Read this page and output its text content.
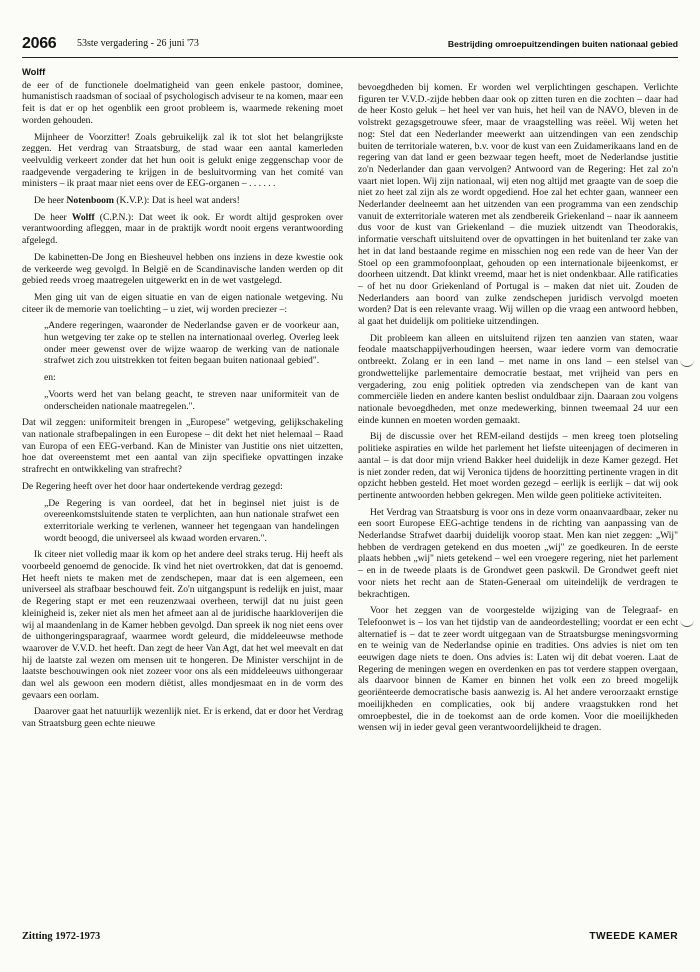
2066 53ste vergadering - 26 juni '73	Bestrijding omroepuitzendingen buiten nationaal gebied
Wolff

de eer of de functionele doelmatigheid van geen enkele pastoor, dominee, humanistisch raadsman of sociaal of psychologisch adviseur te na komen, maar een feit is dat er op het ogenblik een groot probleem is, waarmede rekening moet worden gehouden.

Mijnheer de Voorzitter! Zoals gebruikelijk zal ik tot slot het belangrijkste zeggen. Het verdrag van Straatsburg, de stad waar een aantal kamerleden veelvuldig verkeert zonder dat het hun ooit is gelukt enige zeggenschap voor de raadgevende vergadering te krijgen in de besluitvorming van het comité van ministers – ik praat maar niet eens over de EEG-organen – . . . . . .

De heer Notenboom (K.V.P.): Dat is heel wat anders!

De heer Wolff (C.P.N.): Dat weet ik ook. Er wordt altijd gesproken over verantwoording afleggen, maar in de praktijk wordt nooit ergens verantwoording afgelegd.

De kabinetten-De Jong en Biesheuvel hebben ons inziens in deze kwestie ook de verkeerde weg gevolgd. In België en de Scandinavische landen werden op dit gebied reeds vroeg maatregelen uitgewerkt en in de wet vastgelegd.

Men ging uit van de eigen situatie en van de eigen nationale wetgeving. Nu citeer ik de memorie van toelichting – u ziet, wij worden preciezer –:

„Andere regeringen, waaronder de Nederlandse gaven er de voorkeur aan, hun wetgeving ter zake op te stellen na internationaal overleg. Overleg leek onder meer gewenst over de wijze waarop de werking van de nationale strafwet zich zou uitstrekken tot feiten begaan buiten nationaal gebied".

en:

„Voorts werd het van belang geacht, te streven naar uniformiteit van de onderscheiden nationale maatregelen.".

Dat wil zeggen: uniformiteit brengen in „Europese" wetgeving, gelijkschakeling van nationale strafbepalingen in een Europese – dit dekt het niet helemaal – Raad van Europa of een EEG-verband. Kan de Minister van Justitie ons niet uitzetten, hoe dat overeenstemt met een aantal van zijn specifieke opvattingen inzake strafrecht en ontwikkeling van strafrecht?

De Regering heeft over het door haar ondertekende verdrag gezegd:

„De Regering is van oordeel, dat het in beginsel niet juist is de overeenkomstsluitende staten te verplichten, aan hun nationale strafwet een exterritoriale werking te verlenen, wanneer het tegengaan van handelingen wordt beoogd, die universeel als kwaad worden ervaren.".

Ik citeer niet volledig maar ik kom op het andere deel straks terug. Hij heeft als voorbeeld genoemd de genocide. Ik vind het niet overtrokken, dat dat is genoemd. Het heeft niets te maken met de zendschepen, maar dat is een algemeen, een universeel als strafbaar beschouwd feit. Zo'n uitgangspunt is redelijk en juist, maar de Regering stapt er met een reuzenzwaai overheen, terwijl dat nu juist geen kleinigheid is, zeker niet als men het afmeet aan al de juridische haarkloverijen die wij al maandenlang in de Kamer hebben gevolgd. Dan spreek ik nog niet eens over de uithongeringsparagraaf, waarmee wordt geleurd, die middeleeuwse methode waarover de V.V.D. het heeft. Dan zegt de heer Van Agt, dat het wel meevalt en dat hij de laatste zal wezen om mensen uit te hongeren. De Minister verschijnt in de laatste beschouwingen ook niet zozeer voor ons als een middeleeuws uithongeraar dan wel als gewoon een modern diëtist, alles mondjesmaat en in de vorm des gevaars een oorlam.

Daarover gaat het natuurlijk wezenlijk niet. Er is erkend, dat er door het Verdrag van Straatsburg geen echte nieuwe

bevoegdheden bij komen. Er worden wel verplichtingen geschapen. Verlichte figuren ter V.V.D.-zijde hebben daar ook op zitten turen en die zochten – daar had de heer Kosto geluk – het heel ver van huis, het heil van de NAVO, bleven in de volstrekt gezagsgetrouwe sfeer, maar de vraagstelling was reëel. Wij weten het nog: Stel dat een Nederlander meewerkt aan uitzendingen van een zendschip buiten de territoriale wateren, b.v. voor de kust van een Zuidamerikaans land en de regering van dat land er geen bezwaar tegen heeft, moet de Nederlandse justitie zo'n Nederlander dan gaan vervolgen? Antwoord van de Regering: Het zal zo'n vaart niet lopen. Wij zijn nationaal, wij eten nog altijd met graagte van de soep die niet zo heet zal zijn als ze wordt opgediend. Hoe zal het echter gaan, wanneer een Nederlander deelneemt aan het uitzenden van een programma van een zendschip vanuit de exterritoriale wateren met als zendbereik Griekenland – naar ik aanneem dus voor de kust van Griekenland – die muziek uitzendt van Theodorakis, informatie verschaft uitsluitend over de opvattingen in het buitenland ter zake van het in dat land bestaande regime en misschien nog een rede van de heer Van der Stoel op een grammofoonplaat, gehouden op een internationale bijeenkomst, er doorheen uitzendt. Dat klinkt vreemd, maar het is niet ondenkbaar. Alle ratificaties – of het nu door Griekenland of Portugal is – maken dat niet uit. Zouden de Nederlanders aan boord van zulke zendschepen juridisch vervolgd moeten worden? Dat is een relevante vraag. Wij willen op die vraag een antwoord hebben, al gaat het duidelijk om politieke uitzendingen.

Dit probleem kan alleen en uitsluitend rijzen ten aanzien van staten, waar feodale maatschappijverhoudingen heersen, waar iedere vorm van democratie ontbreekt. Zolang er in een land – met name in ons land – een stelsel van grondwettelijke parlementaire democratie bestaat, met vrijheid van pers en vergadering, zou enig politiek optreden via zendschepen van de kant van commerciële lieden en andere kanten beslist onduldbaar zijn. Daaraan zou volgens nationale bevoegdheden, met onze medewerking, binnen tweemaal 24 uur een einde kunnen en moeten worden gemaakt.

Bij de discussie over het REM-eiland destijds – men kreeg toen plotseling politieke aspiraties en wilde het parlement het liefste uiteenjagen of decimeren in aantal – is dat door mijn vriend Bakker heel duidelijk in deze Kamer gezegd. Het is niet zonder reden, dat wij Veronica tijdens de hoorzitting pertinente vragen in dit opzicht hebben gesteld. Het moet worden gezegd – eerlijk is eerlijk – dat wij ook pertinente antwoorden hebben gekregen. Men wilde geen politieke activiteiten.

Het Verdrag van Straatsburg is voor ons in deze vorm onaanvaardbaar, zeker nu een soort Europese EEG-achtige tendens in de richting van aanpassing van de Nederlandse Strafwet daarbij duidelijk voorop staat. Men kan niet zeggen: „Wij" hebben de verdragen getekend en dus moeten „wij" ze goedkeuren. In de eerste plaats hebben „wij" niets getekend – wel een vroegere regering, niet het parlement – en in de tweede plaats is de Grondwet geen paskwil. De Grondwet geeft niet voor niets het recht aan de Staten-Generaal om uiteindelijk de verdragen te bekrachtigen.

Voor het zeggen van de voorgestelde wijziging van de Telegraaf- en Telefoonwet is – los van het tijdstip van de aandeordestelling; voordat er een echt alternatief is – dat te zeer wordt uitgegaan van de Straatsburgse meningsvorming en te weinig van de Nederlandse opinie en tradities. Ons advies is niet om ten eeuwigen dage niets te doen. Ons advies is: Laten wij dit debat voeren. Laat de Regering de meningen wegen en overdenken en pas tot verdere stappen overgaan, als daarvoor binnen de Kamer en binnen het volk een zo breed mogelijk georiënteerde democratische basis aanwezig is. Al het andere veroorzaakt ernstige moeilijkheden en complicaties, ook bij andere vraagstukken rond het omroepbestel, die in de toekomst aan de orde komen. Voor die moeilijkheden wensen wij in ieder geval geen verantwoordelijkheid te dragen.

Zitting 1972-1973	TWEEDE KAMER
